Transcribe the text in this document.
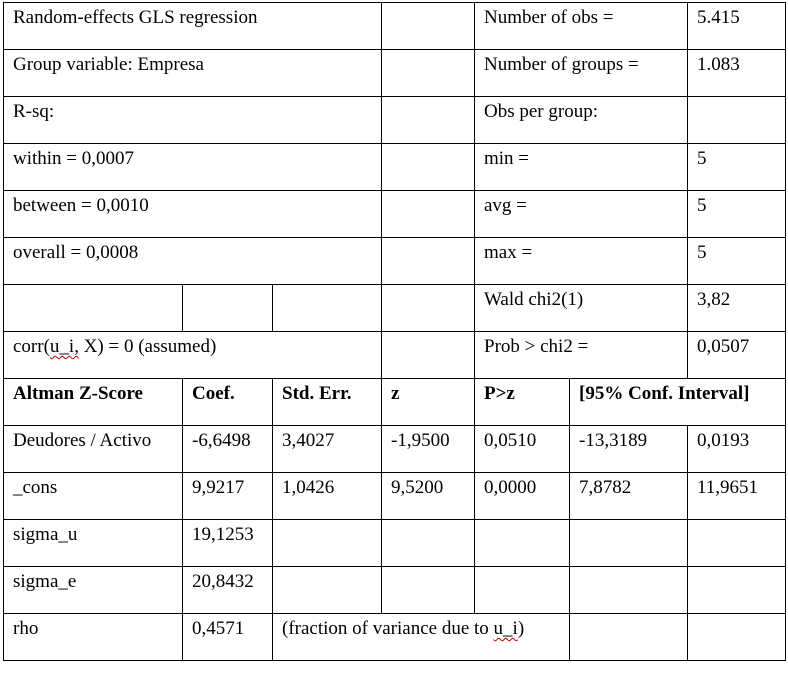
Random-effects GLS regression				Number of obs =		5.415
Group variable: Empresa				Number of groups =		1.083
R-sq:				Obs per group:		
within = 0,0007				min =		5
between = 0,0010				avg =		5
overall = 0,0008				max =		5
				Wald chi2(1)		3,82
corr(u_i, X) = 0 (assumed)				Prob > chi2 =		0,0507
Altman Z-Score	Coef.	Std. Err.	z	P>z	[95% Conf. Interval]	
Deudores / Activo	-6,6498	3,4027	-1,9500	0,0510	-13,3189	0,0193
_cons	9,9217	1,0426	9,5200	0,0000	7,8782	11,9651
sigma_u	19,1253					
sigma_e	20,8432					
rho	0,4571	(fraction of variance due to u_i)				
